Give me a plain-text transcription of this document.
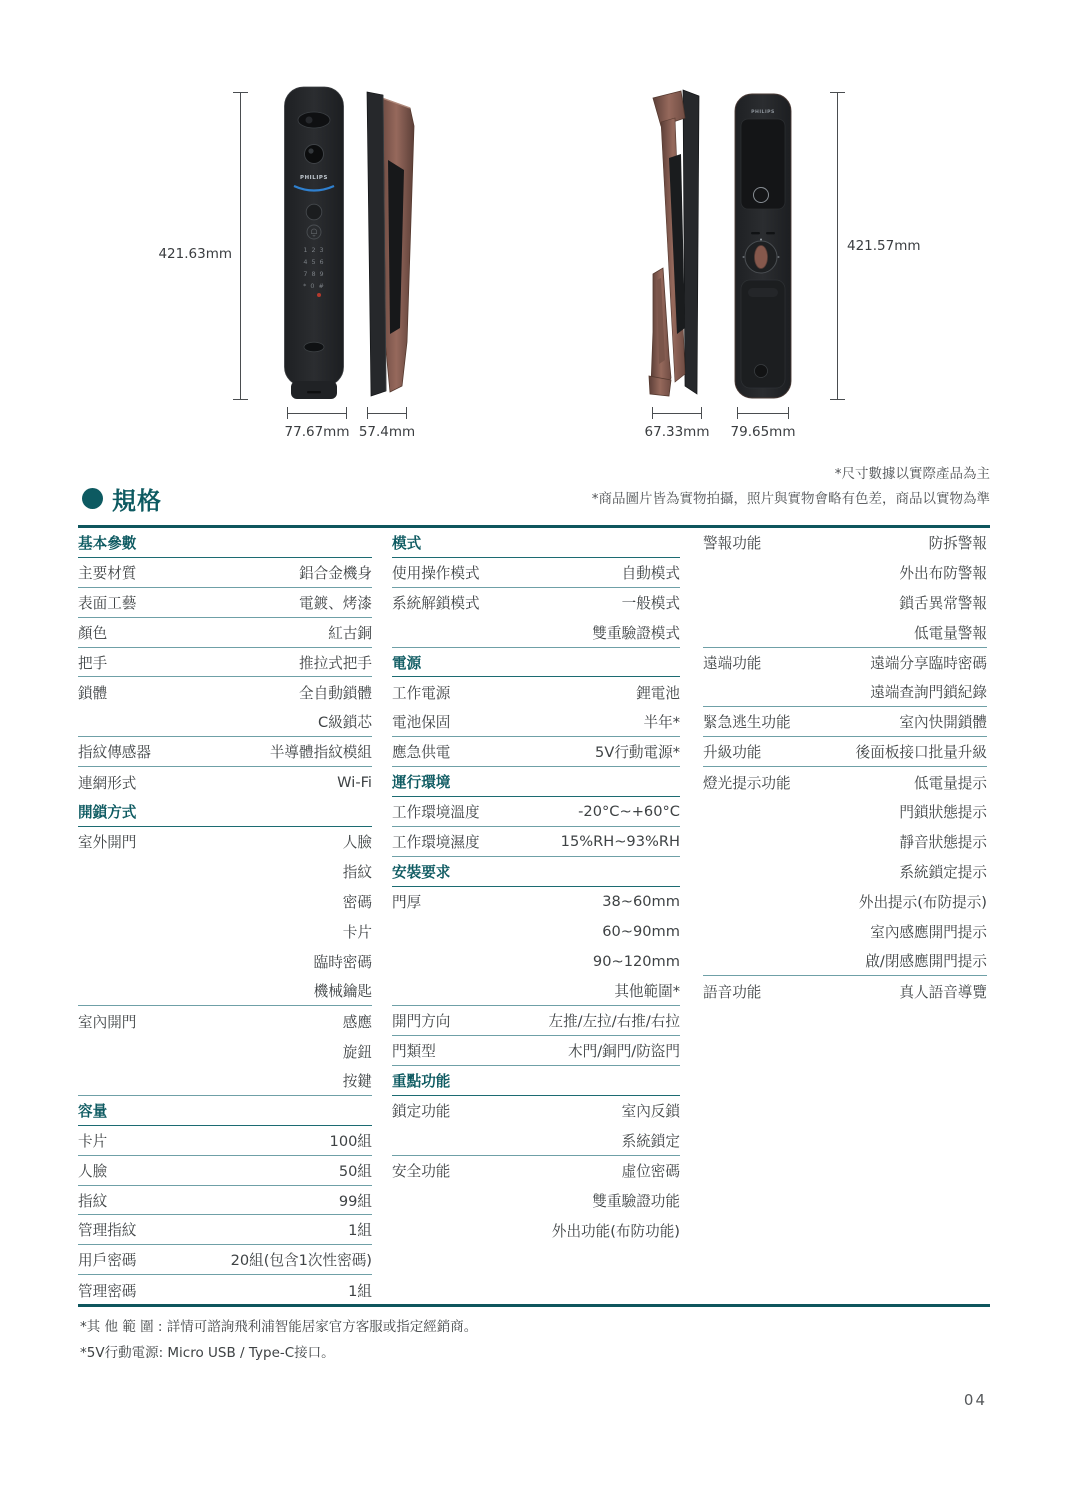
PHILIPS
1 2 3
4 5 6
7 8 9
* 0 #
PHILIPS
421.63mm
77.67mm 57.4mm	67.33mm 79.65mm
421.57mm
規格
*尺寸數據以實際產品為主
*商品圖片皆為實物拍攝，照片與實物會略有色差，商品以實物為準
基本參數
主要材質	鋁合金機身
表面工藝	電鍍、烤漆
顏色	紅古銅
把手	推拉式把手
鎖體	全自動鎖體
C級鎖芯
指紋傳感器	半導體指紋模組
連網形式	Wi-Fi
開鎖方式
室外開門	人臉
指紋
密碼
卡片
臨時密碼
機械鑰匙
室內開門	感應
旋鈕
按鍵
容量
卡片	100組
人臉	50組
指紋	99組
管理指紋	1組
用戶密碼	20組(包含1次性密碼)
管理密碼	1組
模式
使用操作模式	自動模式
系統解鎖模式	一般模式
雙重驗證模式
電源
工作電源	鋰電池
電池保固	半年*
應急供電	5V行動電源*
運行環境
工作環境溫度	-20°C~+60°C
工作環境濕度	15%RH~93%RH
安裝要求
門厚	38~60mm
60~90mm
90~120mm
其他範圍*
開門方向	左推/左拉/右推/右拉
門類型	木門/銅門/防盜門
重點功能
鎖定功能	室內反鎖
系統鎖定
安全功能	虛位密碼
雙重驗證功能
外出功能(布防功能)
警報功能	防拆警報
外出布防警報
鎖舌異常警報
低電量警報
遠端功能	遠端分享臨時密碼
遠端查詢門鎖紀錄
緊急逃生功能	室內快開鎖體
升級功能	後面板接口批量升級
燈光提示功能	低電量提示
門鎖狀態提示
靜音狀態提示
系統鎖定提示
外出提示(布防提示)
室內感應開門提示
啟/閉感應開門提示
語音功能	真人語音導覽
*其 他 範 圍 : 詳情可諮詢飛利浦智能居家官方客服或指定經銷商。
*5V行動電源: Micro USB / Type-C接口。
04
